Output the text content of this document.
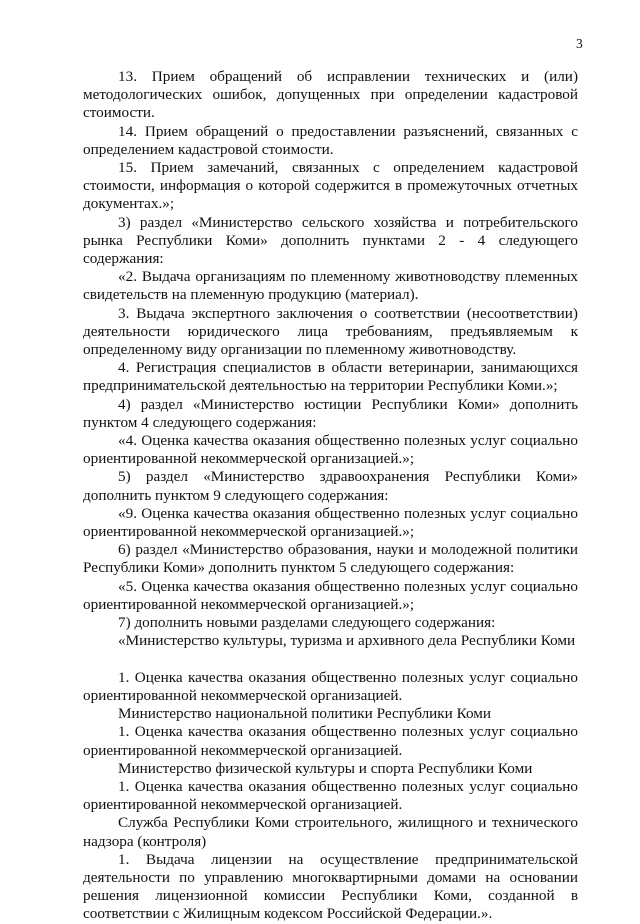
3

13. Прием обращений об исправлении технических и (или) методологических ошибок, допущенных при определении кадастровой стоимости.

14. Прием обращений о предоставлении разъяснений, связанных с определением кадастровой стоимости.

15. Прием замечаний, связанных с определением кадастровой стоимости, информация о которой содержится в промежуточных отчетных документах.»;

3) раздел «Министерство сельского хозяйства и потребительского рынка Республики Коми» дополнить пунктами 2 - 4 следующего содержания:

«2. Выдача организациям по племенному животноводству племенных свидетельств на племенную продукцию (материал).

3. Выдача экспертного заключения о соответствии (несоответствии) деятельности юридического лица требованиям, предъявляемым к определенному виду организации по племенному животноводству.

4. Регистрация специалистов в области ветеринарии, занимающихся предпринимательской деятельностью на территории Республики Коми.»;

4) раздел «Министерство юстиции Республики Коми» дополнить пунктом 4 следующего содержания:

«4. Оценка качества оказания общественно полезных услуг социально ориентированной некоммерческой организацией.»;

5) раздел «Министерство здравоохранения Республики Коми» дополнить пунктом 9 следующего содержания:

«9. Оценка качества оказания общественно полезных услуг социально ориентированной некоммерческой организацией.»;

6) раздел «Министерство образования, науки и молодежной политики Республики Коми» дополнить пунктом 5 следующего содержания:

«5. Оценка качества оказания общественно полезных услуг социально ориентированной некоммерческой организацией.»;

7) дополнить новыми разделами следующего содержания:

«Министерство культуры, туризма и архивного дела Республики Коми

1. Оценка качества оказания общественно полезных услуг социально ориентированной некоммерческой организацией.

Министерство национальной политики Республики Коми

1. Оценка качества оказания общественно полезных услуг социально ориентированной некоммерческой организацией.

Министерство физической культуры и спорта Республики Коми

1. Оценка качества оказания общественно полезных услуг социально ориентированной некоммерческой организацией.

Служба Республики Коми строительного, жилищного и технического надзора (контроля)

1. Выдача лицензии на осуществление предпринимательской деятельности по управлению многоквартирными домами на основании решения лицензионной комиссии Республики Коми, созданной в соответствии с Жилищным кодексом Российской Федерации.».
